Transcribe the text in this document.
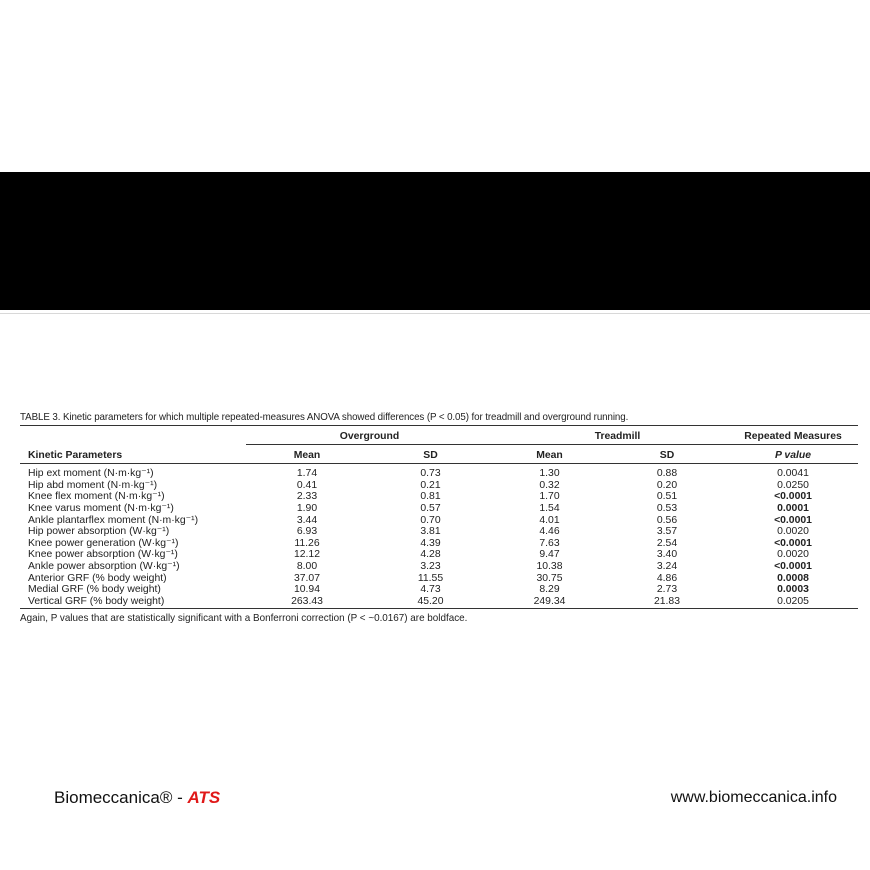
TABLE 3. Kinetic parameters for which multiple repeated-measures ANOVA showed differences (P < 0.05) for treadmill and overground running.
	Overground		Treadmill		Repeated Measures
Kinetic Parameters	Mean	SD	Mean	SD	P value
Hip ext moment (N·m·kg⁻¹)	1.74	0.73	1.30	0.88	0.0041
Hip abd moment (N·m·kg⁻¹)	0.41	0.21	0.32	0.20	0.0250
Knee flex moment (N·m·kg⁻¹)	2.33	0.81	1.70	0.51	<0.0001
Knee varus moment (N·m·kg⁻¹)	1.90	0.57	1.54	0.53	0.0001
Ankle plantarflex moment (N·m·kg⁻¹)	3.44	0.70	4.01	0.56	<0.0001
Hip power absorption (W·kg⁻¹)	6.93	3.81	4.46	3.57	0.0020
Knee power generation (W·kg⁻¹)	11.26	4.39	7.63	2.54	<0.0001
Knee power absorption (W·kg⁻¹)	12.12	4.28	9.47	3.40	0.0020
Ankle power absorption (W·kg⁻¹)	8.00	3.23	10.38	3.24	<0.0001
Anterior GRF (% body weight)	37.07	11.55	30.75	4.86	0.0008
Medial GRF (% body weight)	10.94	4.73	8.29	2.73	0.0003
Vertical GRF (% body weight)	263.43	45.20	249.34	21.83	0.0205
Again, P values that are statistically significant with a Bonferroni correction (P < ~0.0167) are boldface.
Biomeccanica® - ATS	www.biomeccanica.info
